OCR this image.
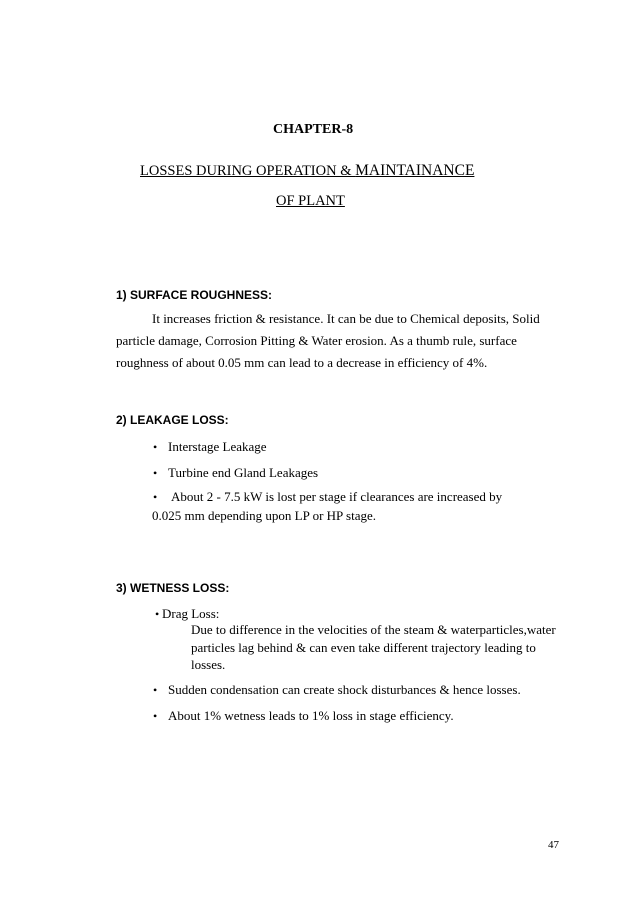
CHAPTER-8
LOSSES DURING OPERATION & MAINTAINANCE
OF PLANT
1) SURFACE ROUGHNESS:
It increases friction & resistance. It can be due to Chemical deposits, Solid
particle damage, Corrosion Pitting & Water erosion. As a thumb rule, surface
roughness of about 0.05 mm can lead to a decrease in efficiency of 4%.
2) LEAKAGE LOSS:
• Interstage Leakage
• Turbine end Gland Leakages
• About 2 - 7.5 kW is lost per stage if clearances are increased by
0.025 mm depending upon LP or HP stage.
3) WETNESS LOSS:
• Drag Loss:
Due to difference in the velocities of the steam & waterparticles,water
particles lag behind & can even take different trajectory leading to
losses.
• Sudden condensation can create shock disturbances & hence losses.
• About 1% wetness leads to 1% loss in stage efficiency.
47
